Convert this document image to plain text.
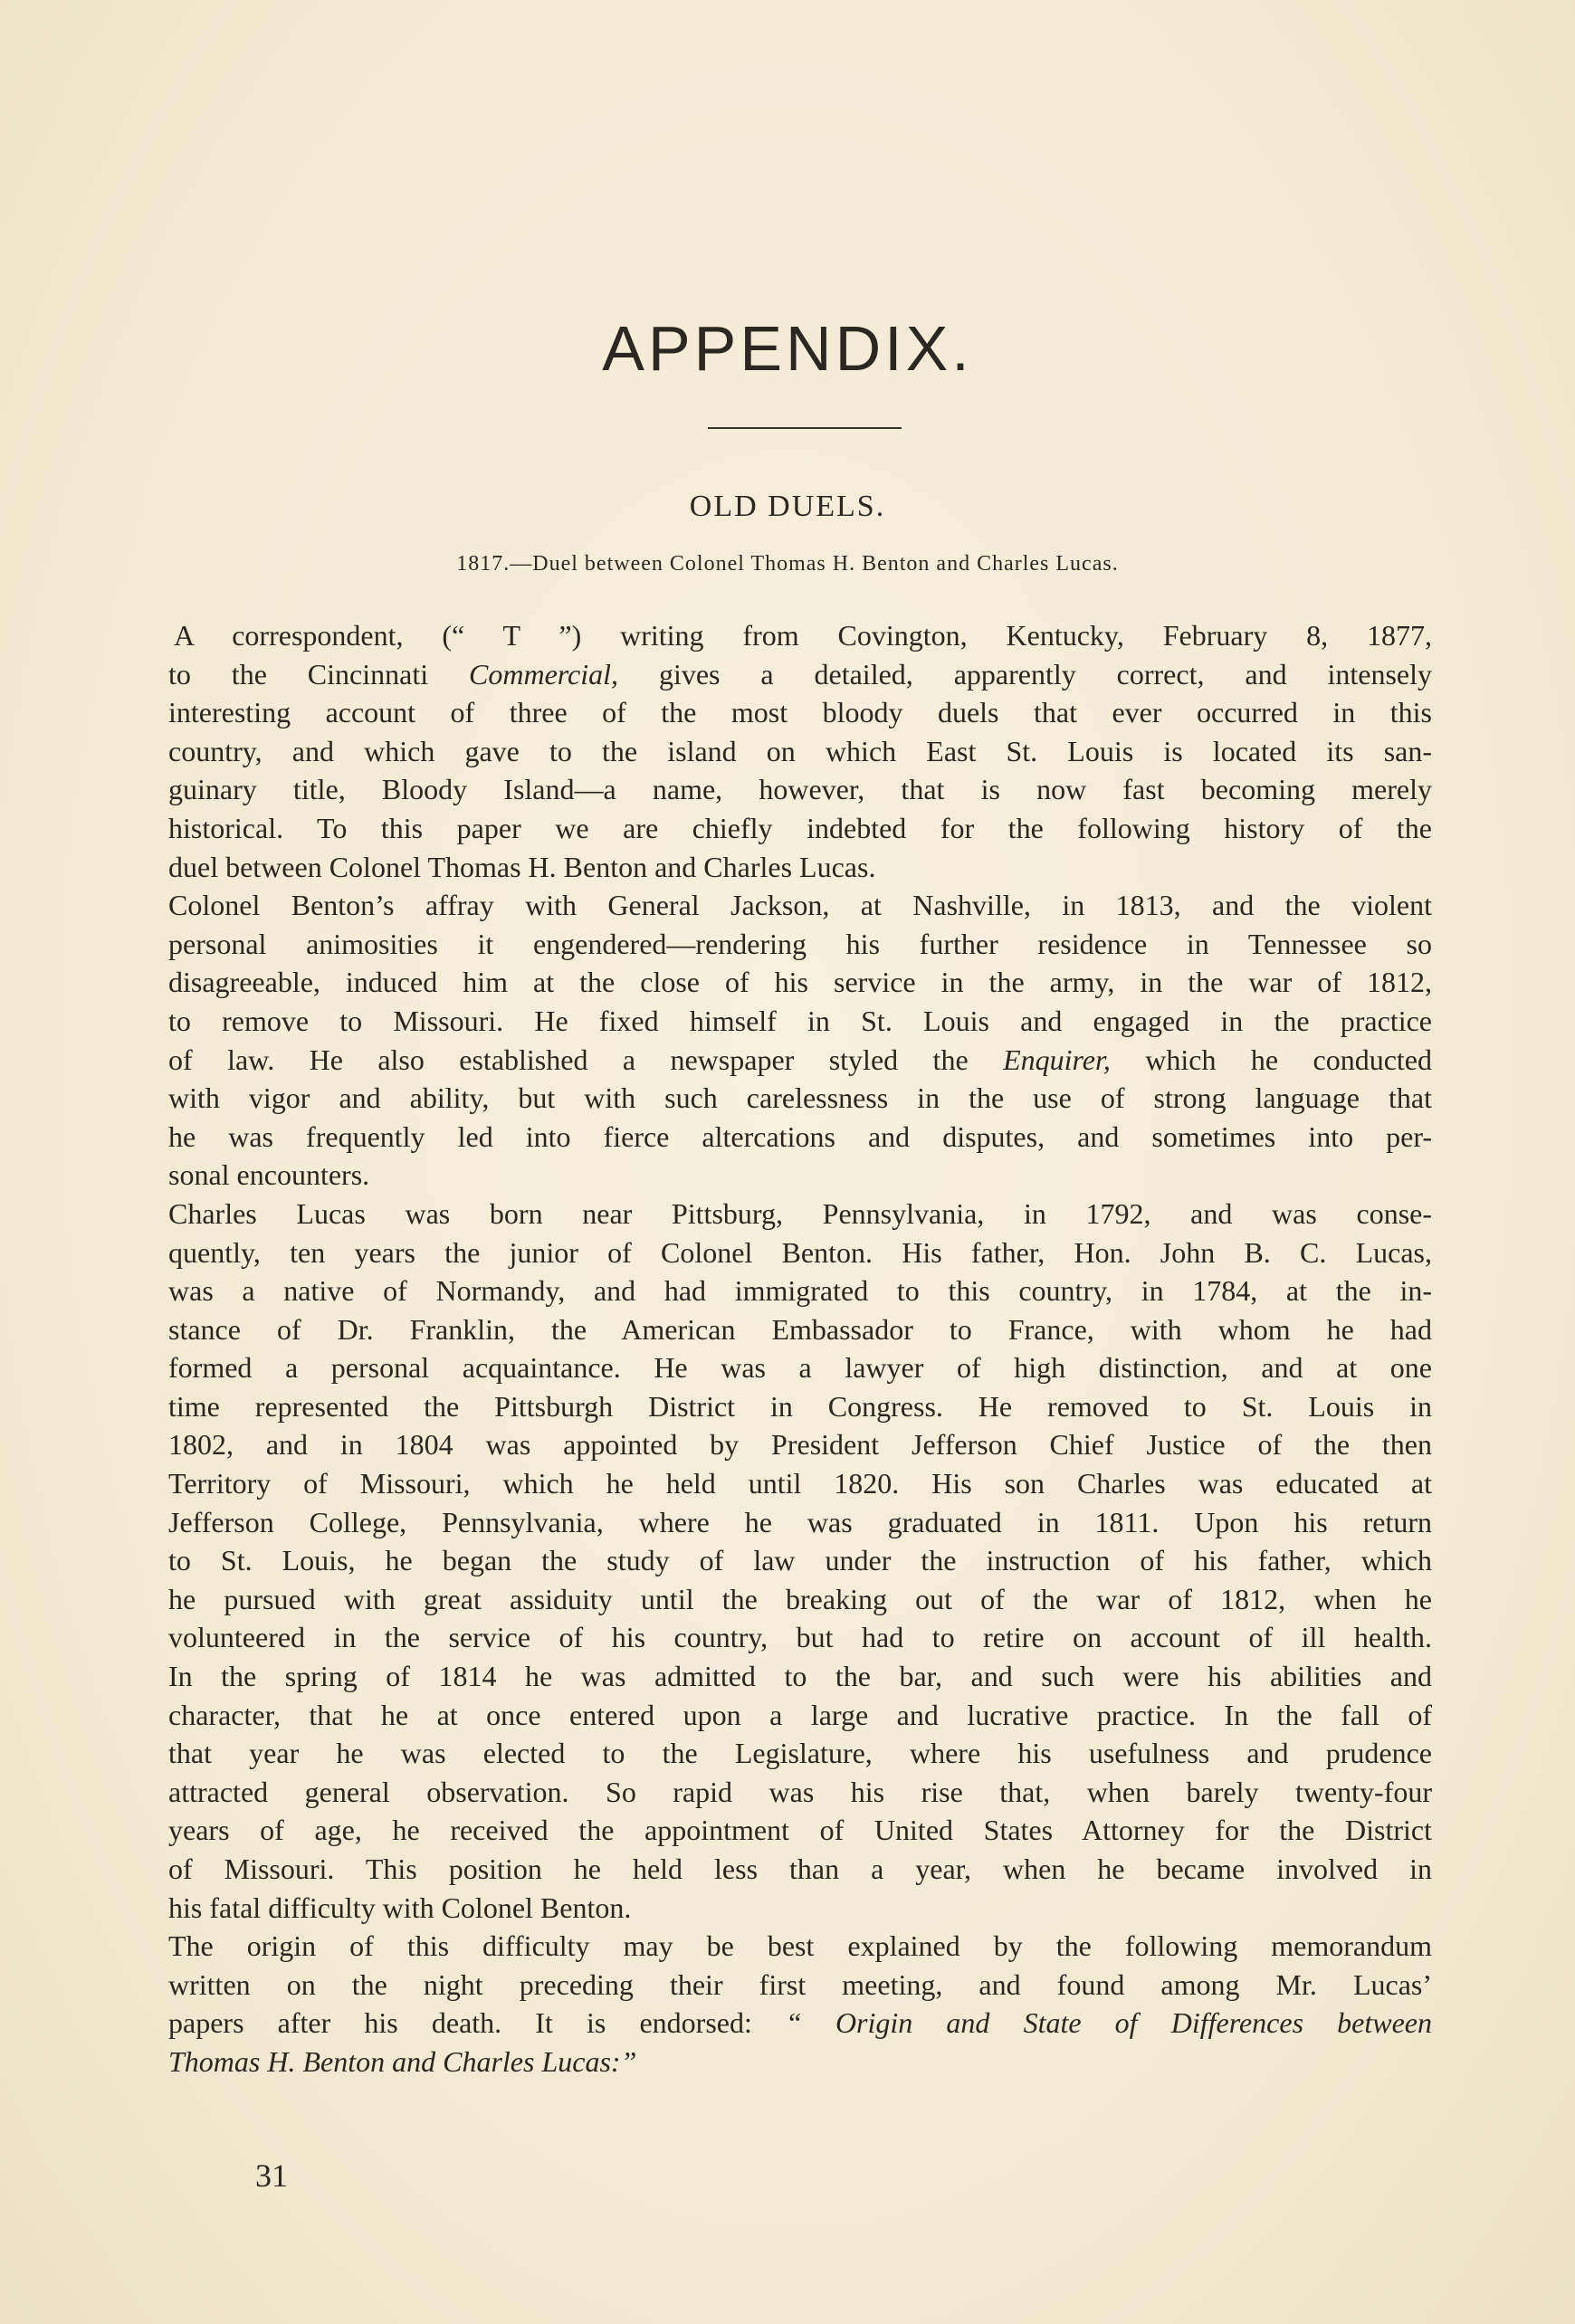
APPENDIX.
OLD DUELS.
1817.—Duel between Colonel Thomas H. Benton and Charles Lucas.
A correspondent, (“ T ”) writing from Covington, Kentucky, February 8, 1877,
to the Cincinnati Commercial, gives a detailed, apparently correct, and intensely
interesting account of three of the most bloody duels that ever occurred in this
country, and which gave to the island on which East St. Louis is located its san-
guinary title, Bloody Island—a name, however, that is now fast becoming merely
historical. To this paper we are chiefly indebted for the following history of the
duel between Colonel Thomas H. Benton and Charles Lucas.
Colonel Benton’s affray with General Jackson, at Nashville, in 1813, and the violent
personal animosities it engendered—rendering his further residence in Tennessee so
disagreeable, induced him at the close of his service in the army, in the war of 1812,
to remove to Missouri. He fixed himself in St. Louis and engaged in the practice
of law. He also established a newspaper styled the Enquirer, which he conducted
with vigor and ability, but with such carelessness in the use of strong language that
he was frequently led into fierce altercations and disputes, and sometimes into per-
sonal encounters.
Charles Lucas was born near Pittsburg, Pennsylvania, in 1792, and was conse-
quently, ten years the junior of Colonel Benton. His father, Hon. John B. C. Lucas,
was a native of Normandy, and had immigrated to this country, in 1784, at the in-
stance of Dr. Franklin, the American Embassador to France, with whom he had
formed a personal acquaintance. He was a lawyer of high distinction, and at one
time represented the Pittsburgh District in Congress. He removed to St. Louis in
1802, and in 1804 was appointed by President Jefferson Chief Justice of the then
Territory of Missouri, which he held until 1820. His son Charles was educated at
Jefferson College, Pennsylvania, where he was graduated in 1811. Upon his return
to St. Louis, he began the study of law under the instruction of his father, which
he pursued with great assiduity until the breaking out of the war of 1812, when he
volunteered in the service of his country, but had to retire on account of ill health.
In the spring of 1814 he was admitted to the bar, and such were his abilities and
character, that he at once entered upon a large and lucrative practice. In the fall of
that year he was elected to the Legislature, where his usefulness and prudence
attracted general observation. So rapid was his rise that, when barely twenty-four
years of age, he received the appointment of United States Attorney for the District
of Missouri. This position he held less than a year, when he became involved in
his fatal difficulty with Colonel Benton.
The origin of this difficulty may be best explained by the following memorandum
written on the night preceding their first meeting, and found among Mr. Lucas’
papers after his death. It is endorsed: “ Origin and State of Differences between
Thomas H. Benton and Charles Lucas:”
31
